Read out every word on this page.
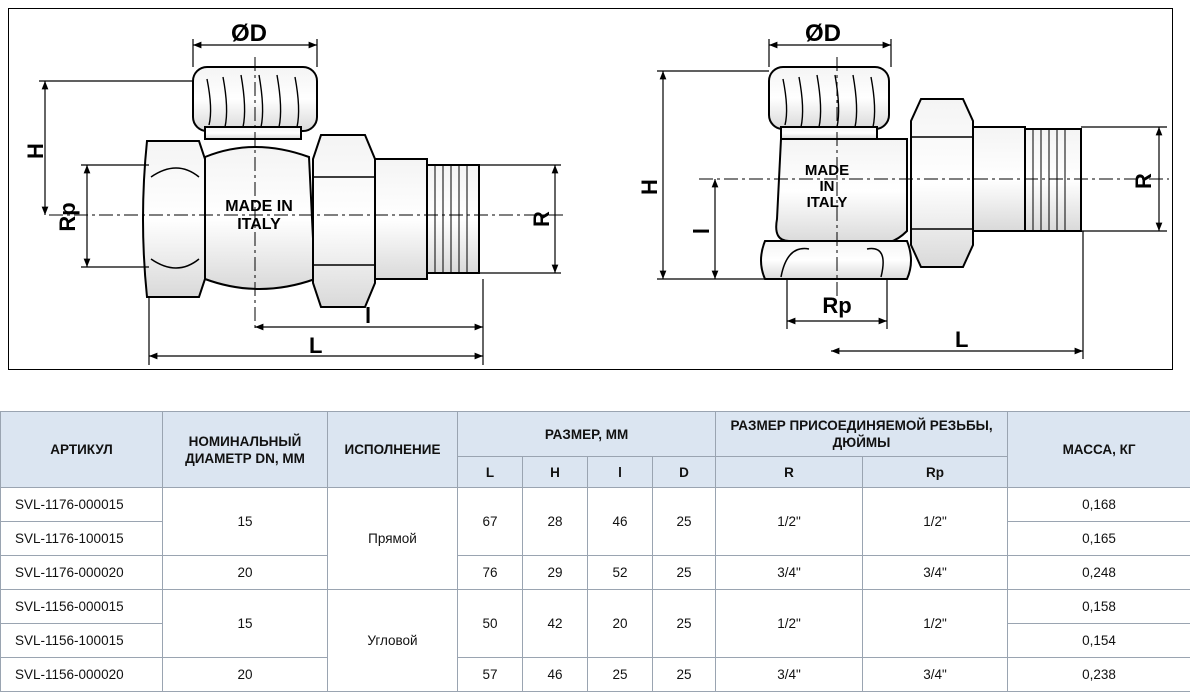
ØD
H
Rp	R
l
L
MADE IN
ITALY
ØD
H
l
R
Rp
L
MADE
IN
ITALY
АРТИКУЛ	НОМИНАЛЬНЫЙ ДИАМЕТР DN, ММ	ИСПОЛНЕНИЕ	РАЗМЕР, ММ				РАЗМЕР ПРИСОЕДИНЯЕМОЙ РЕЗЬБЫ, ДЮЙМЫ		МАССА, КГ
			L	H	l	D	R	Rp	
SVL-1176-000015	15	Прямой	67	28	46	25	1/2"	1/2"	0,168
SVL-1176-100015									0,165
SVL-1176-000020	20		76	29	52	25	3/4"	3/4"	0,248
SVL-1156-000015	15	Угловой	50	42	20	25	1/2"	1/2"	0,158
SVL-1156-100015									0,154
SVL-1156-000020	20		57	46	25	25	3/4"	3/4"	0,238
